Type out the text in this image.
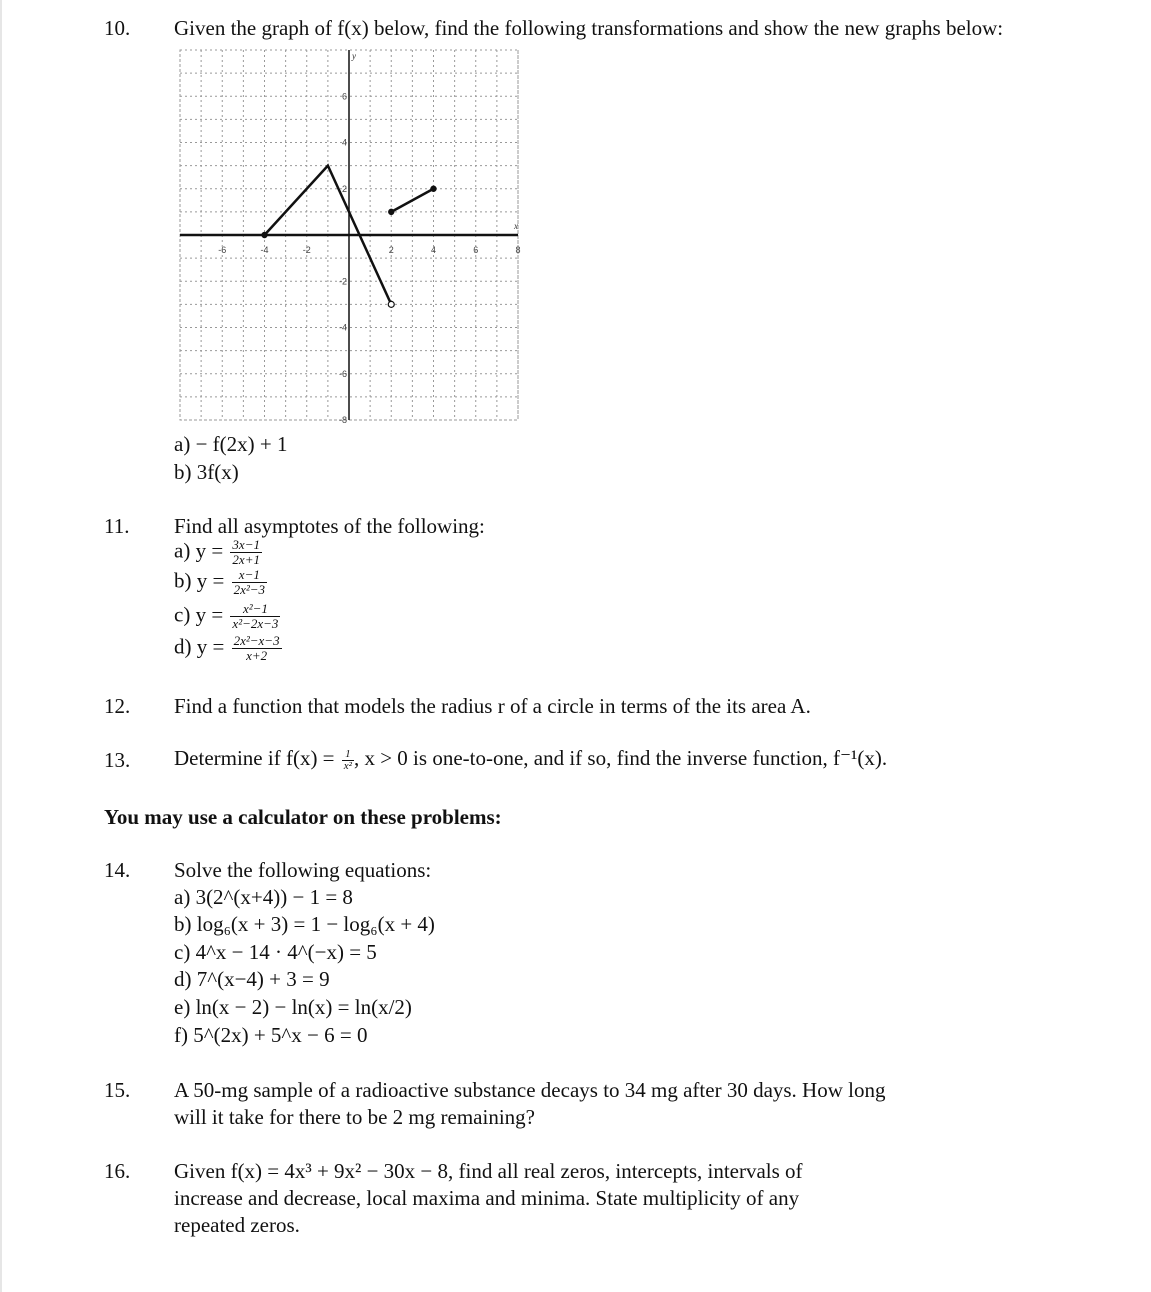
10. Given the graph of f(x) below, find the following transformations and show the new graphs below:
x
y
-6	-4	-2	2	4	6	8
6
4
2
-2
-4
-6
-8
a) − f(2x) + 1
b) 3f(x)
11. Find all asymptotes of the following:
a) $y = \frac{3x-1}{2x+1}$
b) $y = \frac{x-1}{\text{2x²−3}}$
c) $y = \frac{\text{x²−1}}{\text{x²−2x−3}}$
d) $y = \frac{\text{2x²−x−3}}{x+2}$
12. Find a function that models the radius r of a circle in terms of the its area A.
13. Determine if $f(x) = \frac{1}{\text{x²}}$ , x > 0 is one-to-one, and if so, find the inverse function, f⁻¹(x).
You may use a calculator on these problems:
14. Solve the following equations:
a) 3(2^(x+4)) − 1 = 8
b) log₆(x + 3) = 1 − log₆(x + 4)
c) 4^x − 14 · 4^(−x) = 5
d) 7^(x−4) + 3 = 9
e) ln(x − 2) − ln(x) = ln(x/2)
f) 5^(2x) + 5^x − 6 = 0
15. A 50-mg sample of a radioactive substance decays to 34 mg after 30 days. How long
will it take for there to be 2 mg remaining?
16. Given f(x) = 4x³ + 9x² − 30x − 8, find all real zeros, intercepts, intervals of
increase and decrease, local maxima and minima. State multiplicity of any
repeated zeros.
